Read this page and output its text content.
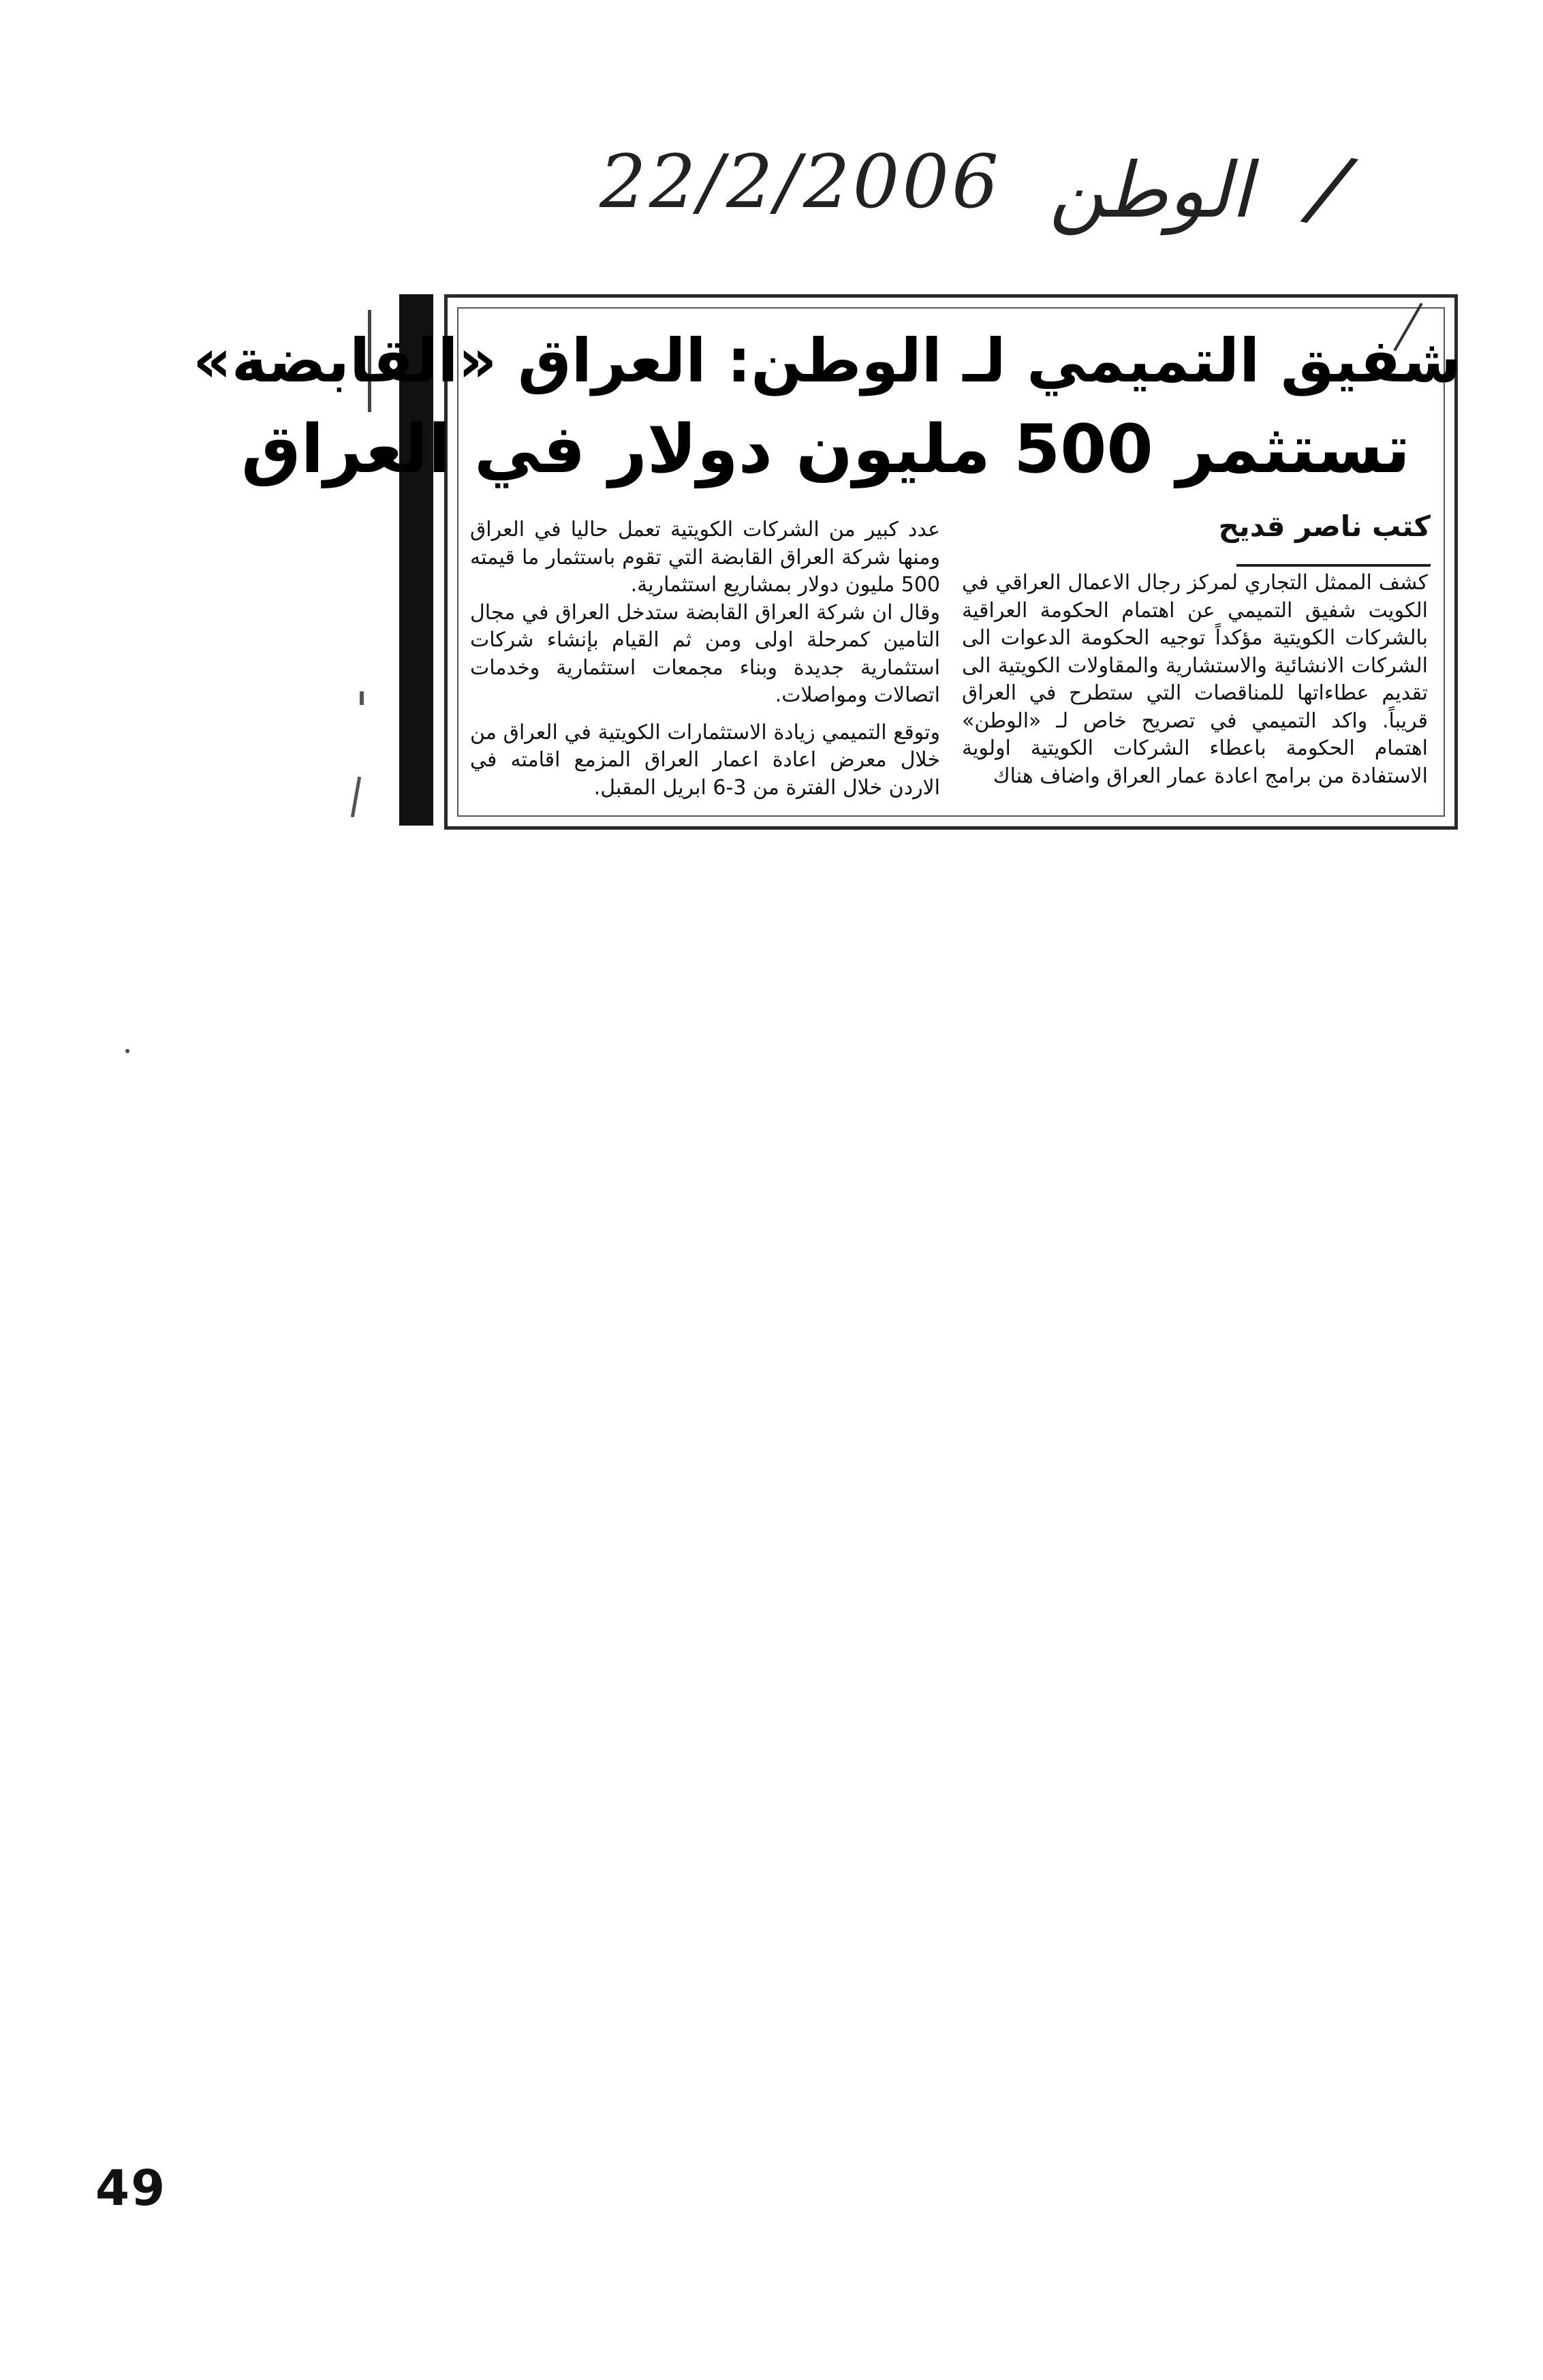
22/2/2006 الوطن /
شفيق التميمي لـ الوطن: العراق «القابضة»
تستثمر 500 مليون دولار في العراق
كتب ناصر قديح

كشف الممثل التجاري لمركز رجال الاعمال العراقي في الكويت شفيق التميمي عن اهتمام الحكومة العراقية بالشركات الكويتية مؤكداً توجيه الحكومة الدعوات الى الشركات الانشائية والاستشارية والمقاولات الكويتية الى تقديم عطاءاتها للمناقصات التي ستطرح في العراق قريباً. واكد التميمي في تصريح خاص لـ «الوطن» اهتمام الحكومة باعطاء الشركات الكويتية اولوية الاستفادة من برامج اعادة عمار العراق واضاف هناك

عدد كبير من الشركات الكويتية تعمل حاليا في العراق ومنها شركة العراق القابضة التي تقوم باستثمار ما قيمته 500 مليون دولار بمشاريع استثمارية.

وقال ان شركة العراق القابضة ستدخل العراق في مجال التامين كمرحلة اولى ومن ثم القيام بإنشاء شركات استثمارية جديدة وبناء مجمعات استثمارية وخدمات اتصالات ومواصلات.

وتوقع التميمي زيادة الاستثمارات الكويتية في العراق من خلال معرض اعادة اعمار العراق المزمع اقامته في الاردن خلال الفترة من 3-6 ابريل المقبل.

49
